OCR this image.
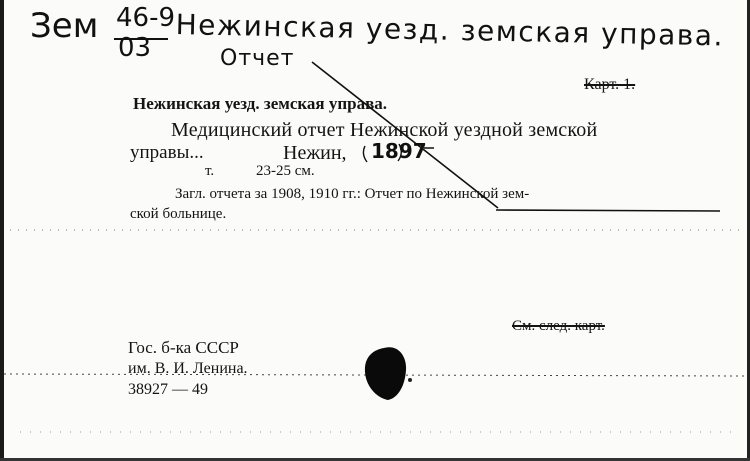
Зем 46-9
03 Нежинская уезд. земская управа.
Отчет
Карт. 1.
Нежинская уезд. земская управа.
Медицинский отчет Нежинской уездной земской
управы...	Нежин, 1897
т.	23-25 см.
Загл. отчета за 1908, 1910 гг.: Отчет по Нежинской зем-
ской больнице.
См. след. карт.
Гос. б-ка СССР
им. В. И. Ленина.
38927 — 49
